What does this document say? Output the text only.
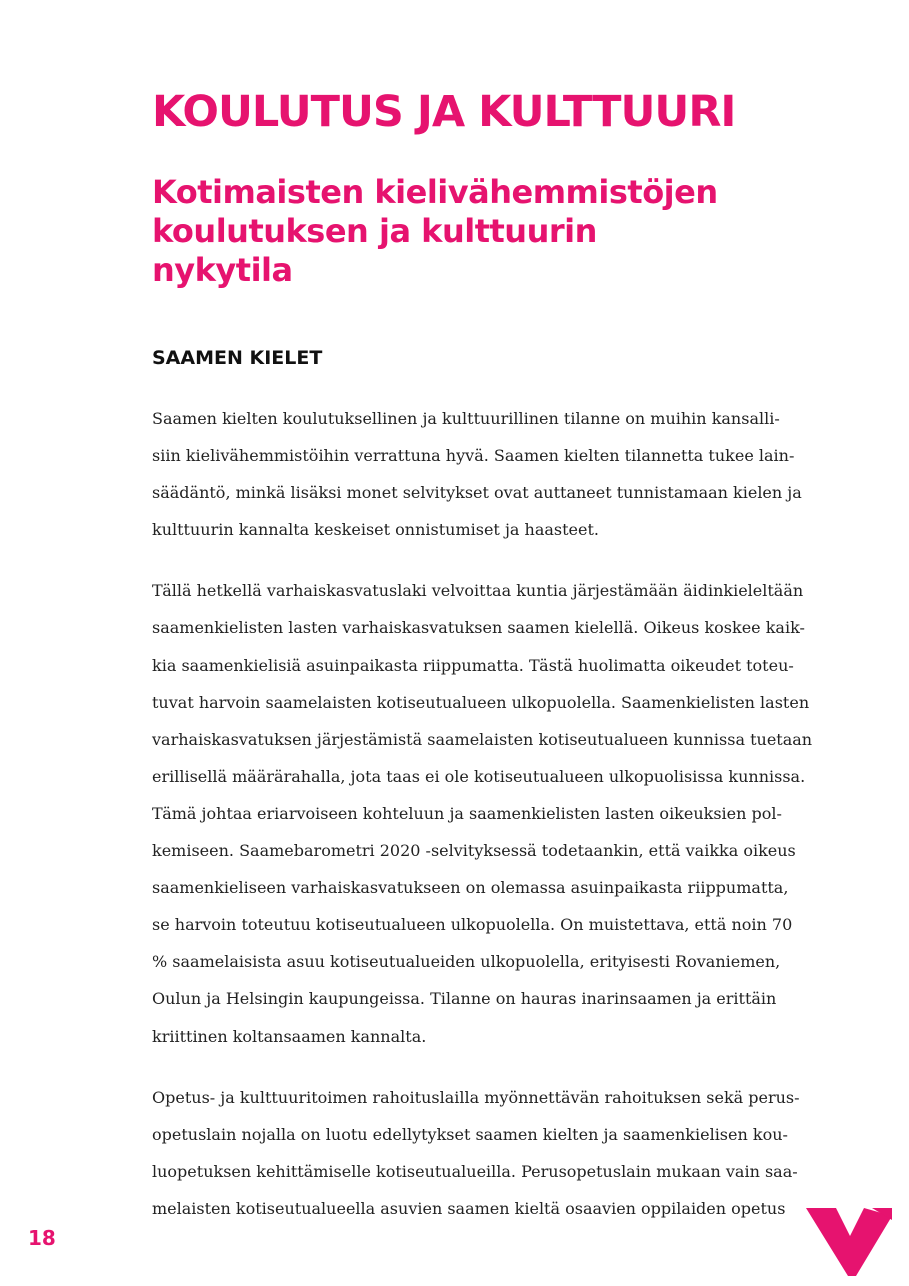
KOULUTUS JA KULTTUURI
Kotimaisten kielivähemmistöjen
koulutuksen ja kulttuurin
nykytila
SAAMEN KIELET

Saamen kielten koulutuksellinen ja kulttuurillinen tilanne on muihin kansalli-
siin kielivähemmistöihin verrattuna hyvä. Saamen kielten tilannetta tukee lain-
säädäntö, minkä lisäksi monet selvitykset ovat auttaneet tunnistamaan kielen ja
kulttuurin kannalta keskeiset onnistumiset ja haasteet.

Tällä hetkellä varhaiskasvatuslaki velvoittaa kuntia järjestämään äidinkieleltään
saamenkielisten lasten varhaiskasvatuksen saamen kielellä. Oikeus koskee kaik-
kia saamenkielisiä asuinpaikasta riippumatta. Tästä huolimatta oikeudet toteu-
tuvat harvoin saamelaisten kotiseutualueen ulkopuolella. Saamenkielisten lasten
varhaiskasvatuksen järjestämistä saamelaisten kotiseutualueen kunnissa tuetaan
erillisellä määrärahalla, jota taas ei ole kotiseutualueen ulkopuolisissa kunnissa.
Tämä johtaa eriarvoiseen kohteluun ja saamenkielisten lasten oikeuksien pol-
kemiseen. Saamebarometri 2020 -selvityksessä todetaankin, että vaikka oikeus
saamenkieliseen varhaiskasvatukseen on olemassa asuinpaikasta riippumatta,
se harvoin toteutuu kotiseutualueen ulkopuolella. On muistettava, että noin 70
% saamelaisista asuu kotiseutualueiden ulkopuolella, erityisesti Rovaniemen,
Oulun ja Helsingin kaupungeissa. Tilanne on hauras inarinsaamen ja erittäin
kriittinen koltansaamen kannalta.

Opetus- ja kulttuuritoimen rahoituslailla myönnettävän rahoituksen sekä perus-
opetuslain nojalla on luotu edellytykset saamen kielten ja saamenkielisen kou-
luopetuksen kehittämiselle kotiseutualueilla. Perusopetuslain mukaan vain saa-
melaisten kotiseutualueella asuvien saamen kieltä osaavien oppilaiden opetus

18
